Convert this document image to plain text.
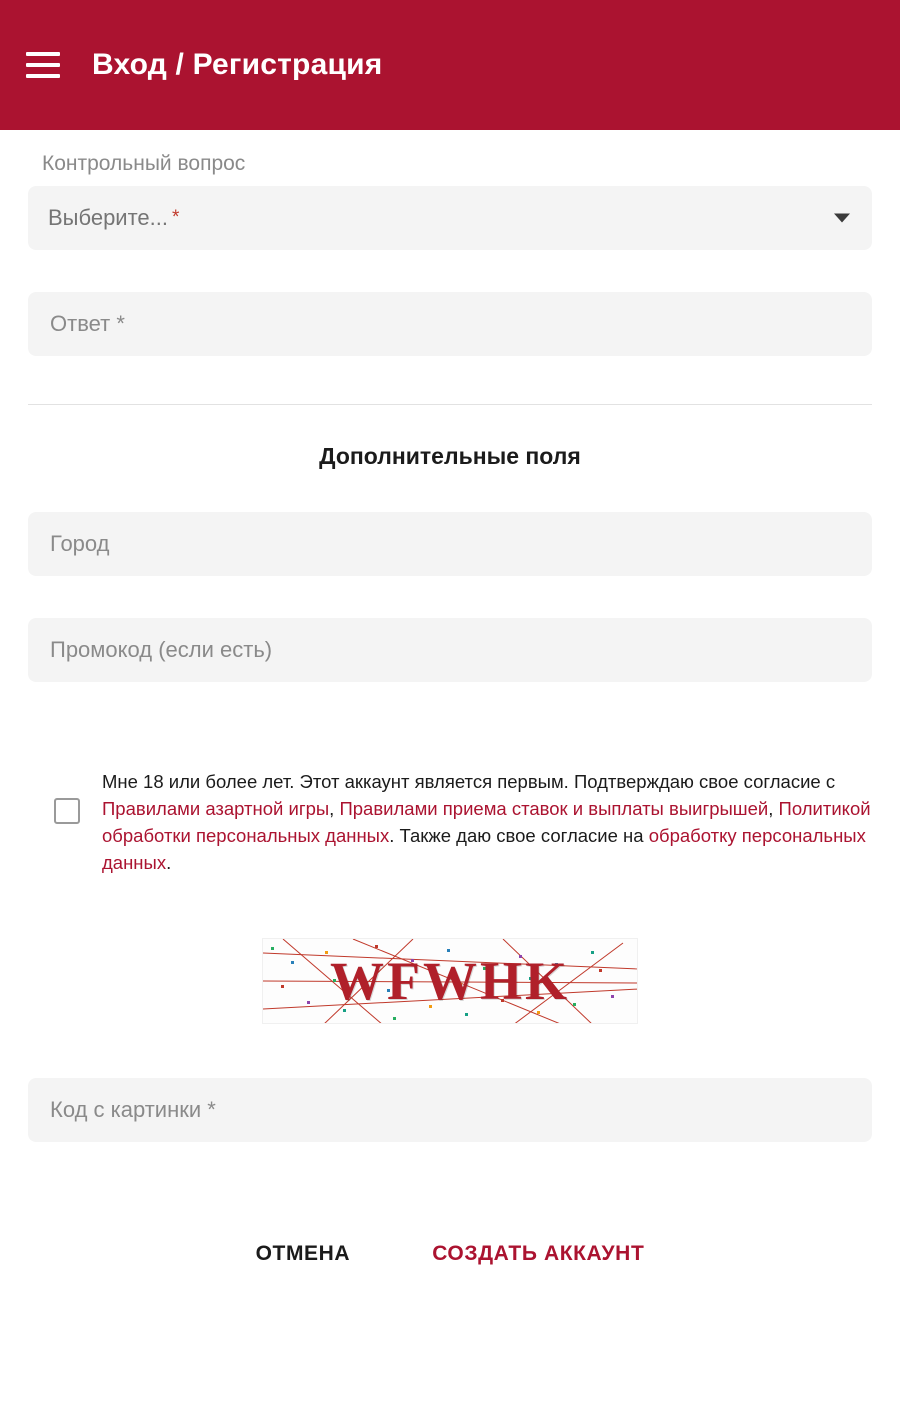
Вход / Регистрация
Контрольный вопрос
Выберите... *
Ответ *
Дополнительные поля
Город
Промокод (если есть)
Мне 18 или более лет. Этот аккаунт является первым. Подтверждаю свое согласие с Правилами азартной игры, Правилами приема ставок и выплаты выигрышей, Политикой обработки персональных данных. Также даю свое согласие на обработку персональных данных.
WFWHK
Код с картинки *
ОТМЕНА	СОЗДАТЬ АККАУНТ
